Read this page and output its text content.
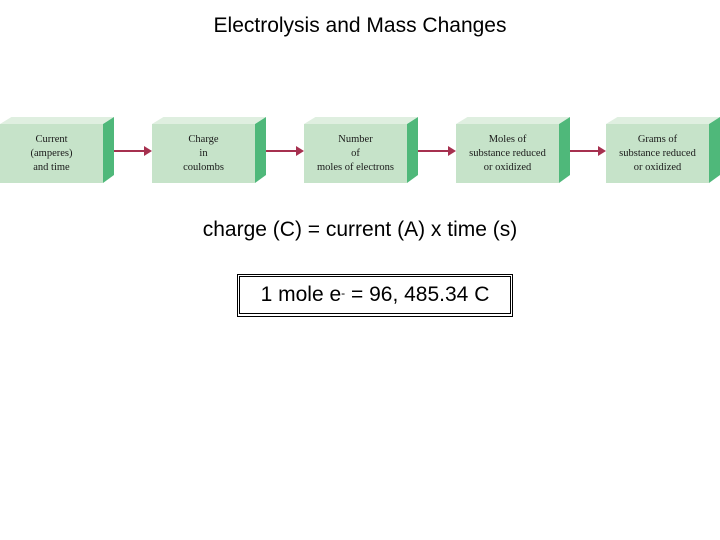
Electrolysis and Mass Changes
Current
(amperes)
and time
Charge
in
coulombs
Number
of
moles of electrons
Moles of
substance reduced
or oxidized
Grams of
substance reduced
or oxidized
charge (C) = current (A) x time (s)
1 mole e- = 96, 485.34 C
